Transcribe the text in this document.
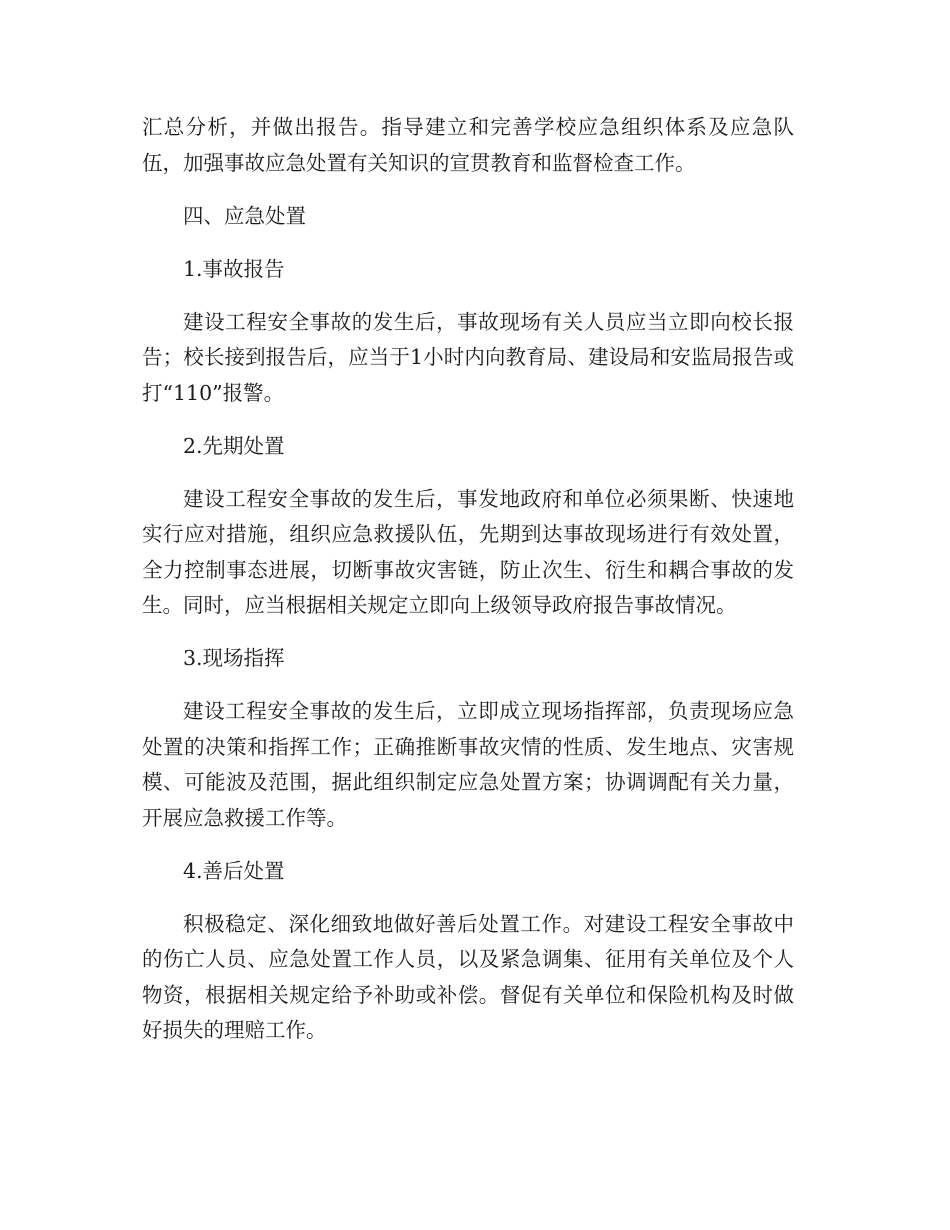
汇总分析，并做出报告。指导建立和完善学校应急组织体系及应急队伍，加强事故应急处置有关知识的宣贯教育和监督检查工作。

四、应急处置

1.事故报告

建设工程安全事故的发生后，事故现场有关人员应当立即向校长报告；校长接到报告后，应当于1小时内向教育局、建设局和安监局报告或打“110”报警。

2.先期处置

建设工程安全事故的发生后，事发地政府和单位必须果断、快速地实行应对措施，组织应急救援队伍，先期到达事故现场进行有效处置，全力控制事态进展，切断事故灾害链，防止次生、衍生和耦合事故的发生。同时，应当根据相关规定立即向上级领导政府报告事故情况。

3.现场指挥

建设工程安全事故的发生后，立即成立现场指挥部，负责现场应急处置的决策和指挥工作；正确推断事故灾情的性质、发生地点、灾害规模、可能波及范围，据此组织制定应急处置方案；协调调配有关力量，开展应急救援工作等。

4.善后处置

积极稳定、深化细致地做好善后处置工作。对建设工程安全事故中的伤亡人员、应急处置工作人员，以及紧急调集、征用有关单位及个人物资，根据相关规定给予补助或补偿。督促有关单位和保险机构及时做好损失的理赔工作。
